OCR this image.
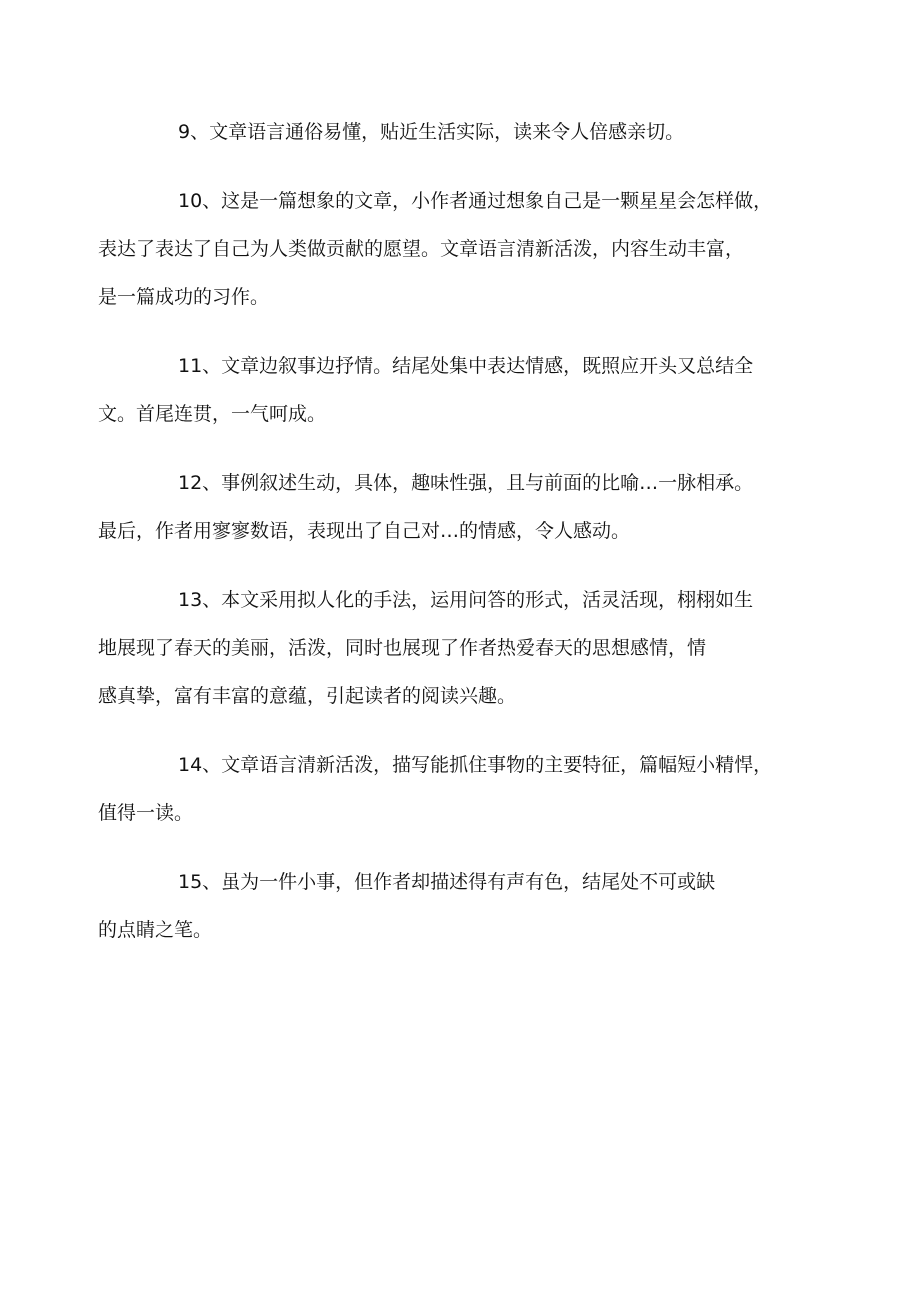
9、文章语言通俗易懂，贴近生活实际，读来令人倍感亲切。

10、这是一篇想象的文章，小作者通过想象自己是一颗星星会怎样做，
表达了表达了自己为人类做贡献的愿望。文章语言清新活泼，内容生动丰富，
是一篇成功的习作。

11、文章边叙事边抒情。结尾处集中表达情感，既照应开头又总结全
文。首尾连贯，一气呵成。

12、事例叙述生动，具体，趣味性强，且与前面的比喻…一脉相承。
最后，作者用寥寥数语，表现出了自己对…的情感，令人感动。

13、本文采用拟人化的手法，运用问答的形式，活灵活现，栩栩如生
地展现了春天的美丽，活泼，同时也展现了作者热爱春天的思想感情，情
感真挚，富有丰富的意蕴，引起读者的阅读兴趣。

14、文章语言清新活泼，描写能抓住事物的主要特征，篇幅短小精悍，
值得一读。

15、虽为一件小事，但作者却描述得有声有色，结尾处不可或缺
的点睛之笔。
